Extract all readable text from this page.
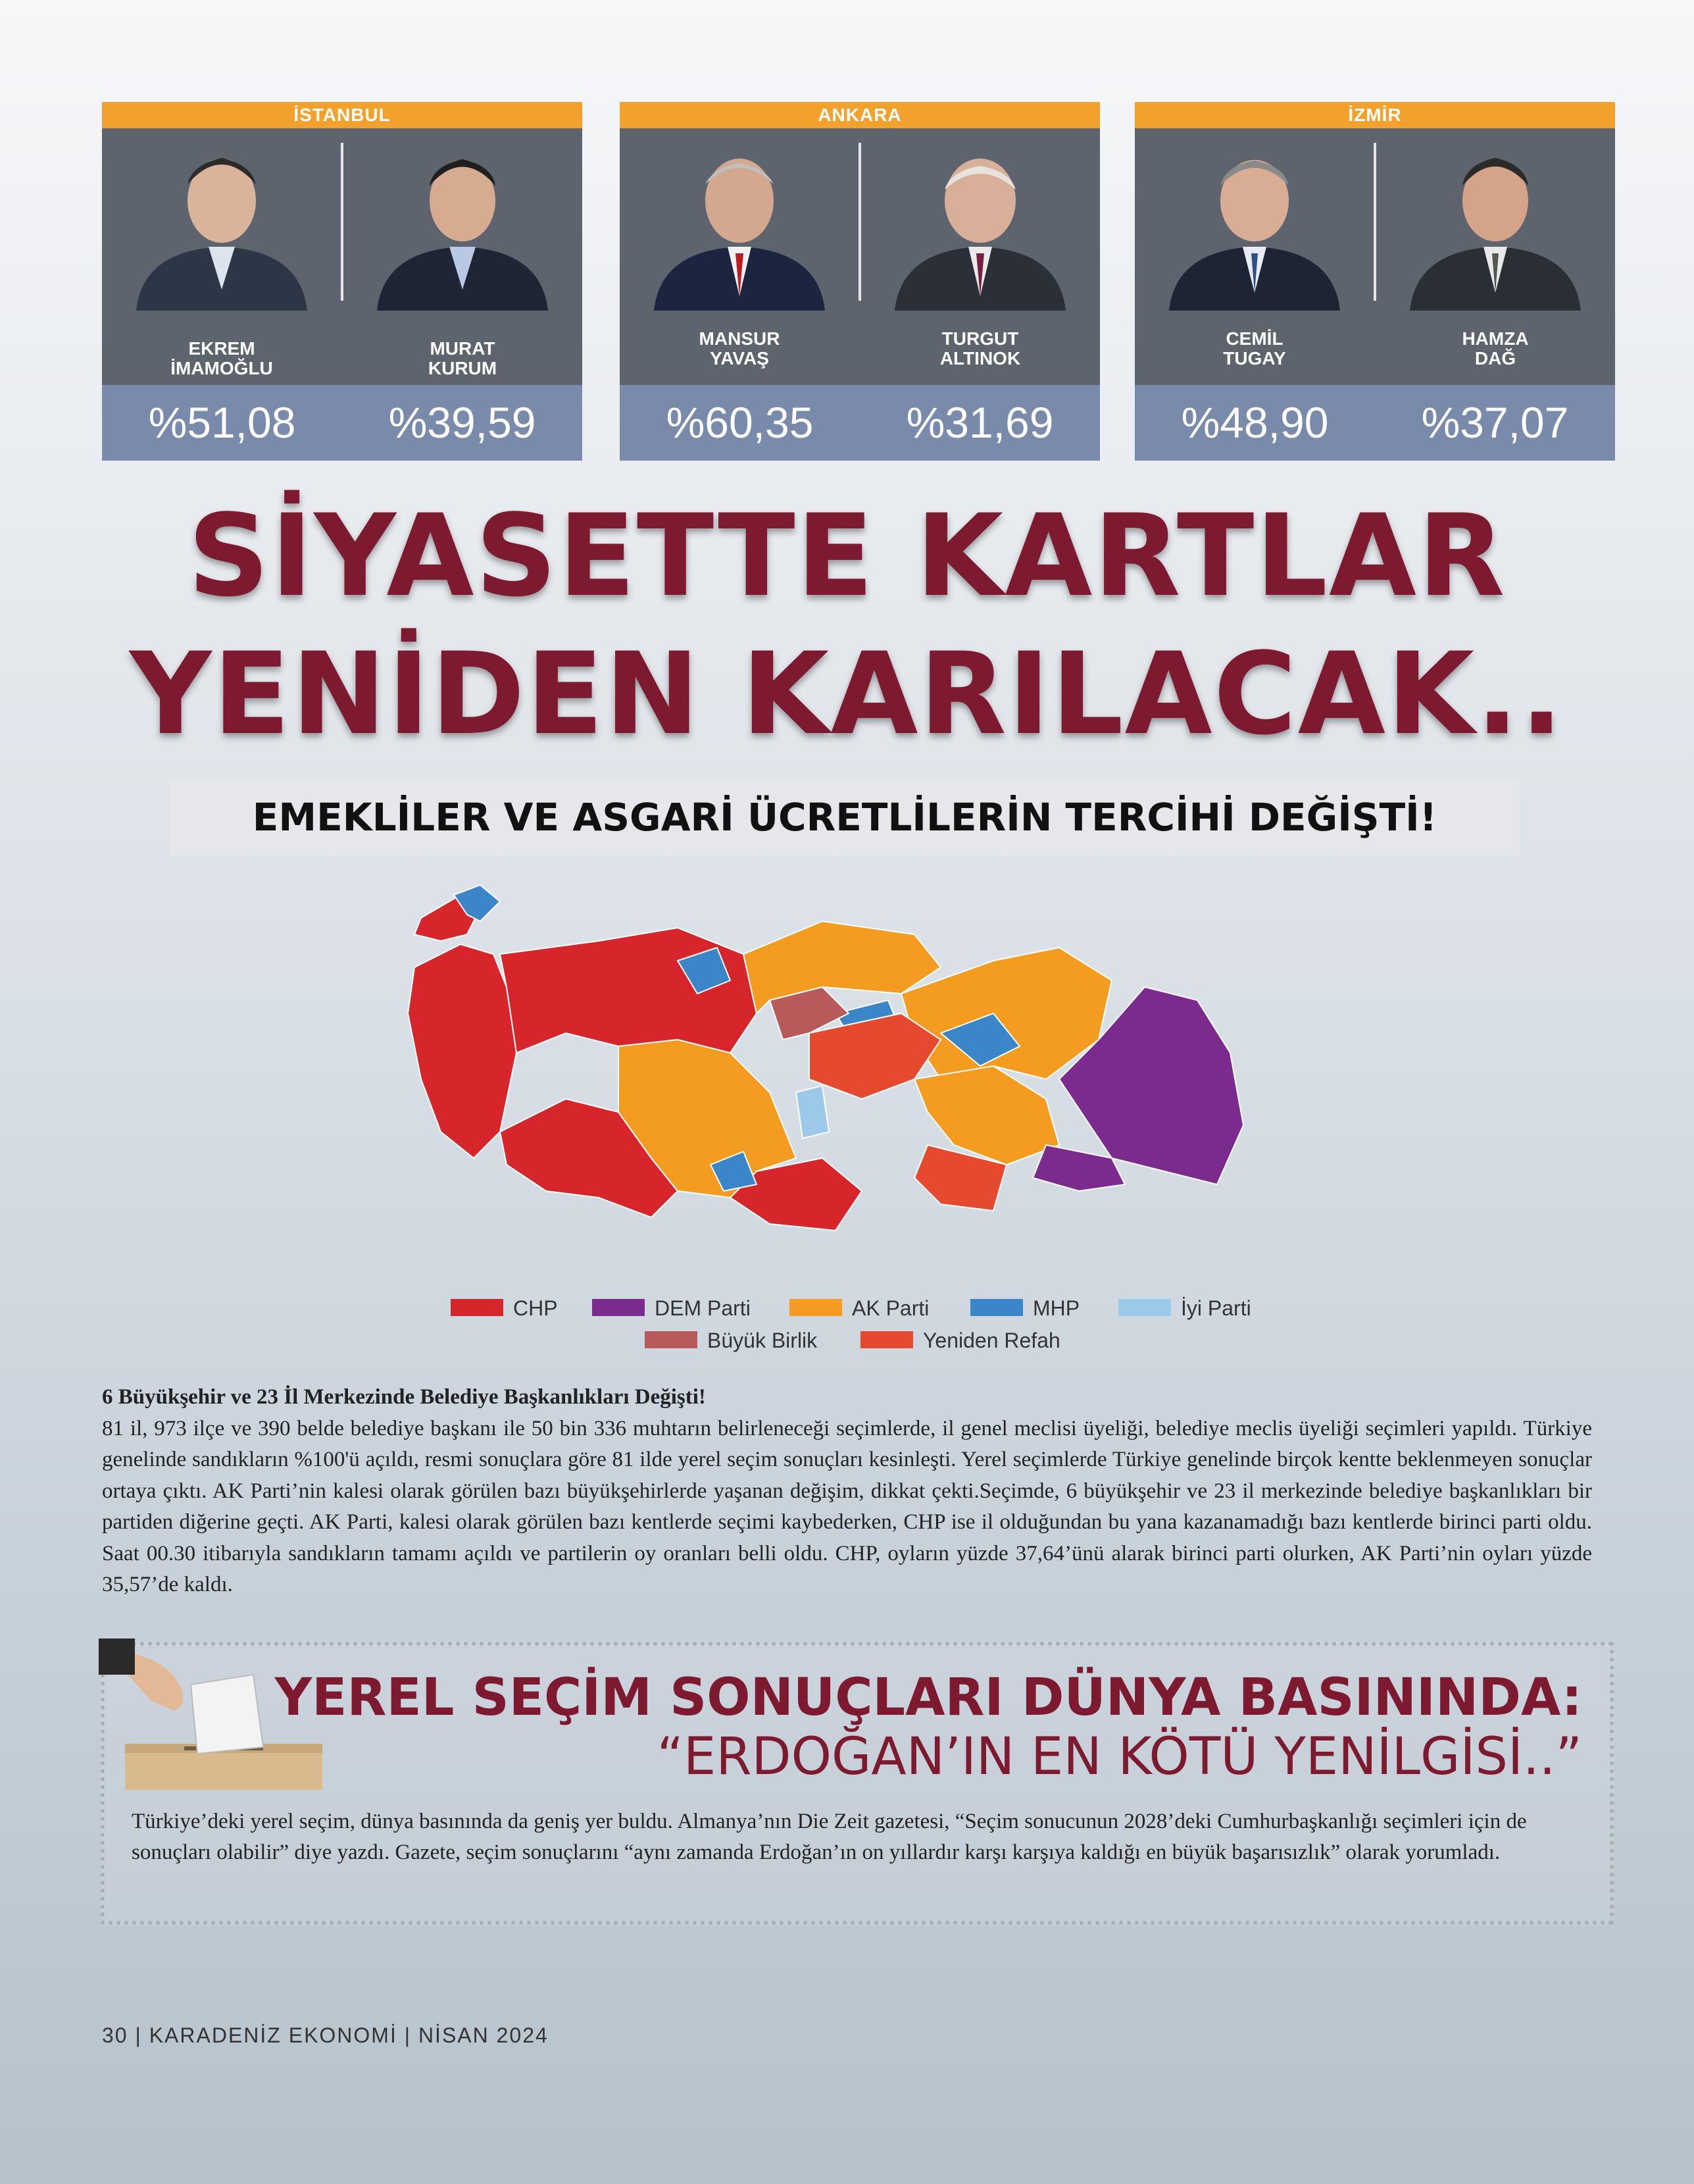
İSTANBUL
EKREM
İMAMOĞLU
MURAT
KURUM
%51,08	%39,59
ANKARA
MANSUR
YAVAŞ
TURGUT
ALTINOK
%60,35	%31,69
İZMİR
CEMİL
TUGAY
HAMZA
DAĞ
%48,90	%37,07
SİYASETTE KARTLAR
YENİDEN KARILACAK..
EMEKLİLER VE ASGARİ ÜCRETLİLERİN TERCİHİ DEĞİŞTİ!
CHP	DEM Parti	AK Parti	MHP	İyi Parti
Büyük Birlik	Yeniden Refah
6 Büyükşehir ve 23 İl Merkezinde Belediye Başkanlıkları Değişti!
81 il, 973 ilçe ve 390 belde belediye başkanı ile 50 bin 336 muhtarın belirleneceği seçimlerde, il genel meclisi üyeliği, belediye meclis üyeliği seçimleri yapıldı. Türkiye genelinde sandıkların %100'ü açıldı, resmi sonuçlara göre 81 ilde yerel seçim sonuçları kesinleşti. Yerel seçimlerde Türkiye genelinde birçok kentte beklenmeyen sonuçlar ortaya çıktı. AK Parti’nin kalesi olarak görülen bazı büyükşehirlerde yaşanan değişim, dikkat çekti.Seçimde, 6 büyükşehir ve 23 il merkezinde belediye başkanlıkları bir partiden diğerine geçti. AK Parti, kalesi olarak görülen bazı kentlerde seçimi kaybederken, CHP ise il olduğundan bu yana kazanamadığı bazı kentlerde birinci parti oldu. Saat 00.30 itibarıyla sandıkların tamamı açıldı ve partilerin oy oranları belli oldu. CHP, oyların yüzde 37,64’ünü alarak birinci parti olurken, AK Parti’nin oyları yüzde 35,57’de kaldı.
YEREL SEÇİM SONUÇLARI DÜNYA BASININDA:
“ERDOĞAN’IN EN KÖTÜ YENİLGİSİ..”
Türkiye’deki yerel seçim, dünya basınında da geniş yer buldu. Almanya’nın Die Zeit gazetesi, “Seçim sonucunun 2028’deki Cumhurbaşkanlığı seçimleri için de sonuçları olabilir” diye yazdı. Gazete, seçim sonuçlarını “aynı zamanda Erdoğan’ın on yıllardır karşı karşıya kaldığı en büyük başarısızlık” olarak yorumladı.
30 | KARADENİZ EKONOMİ | NİSAN 2024
